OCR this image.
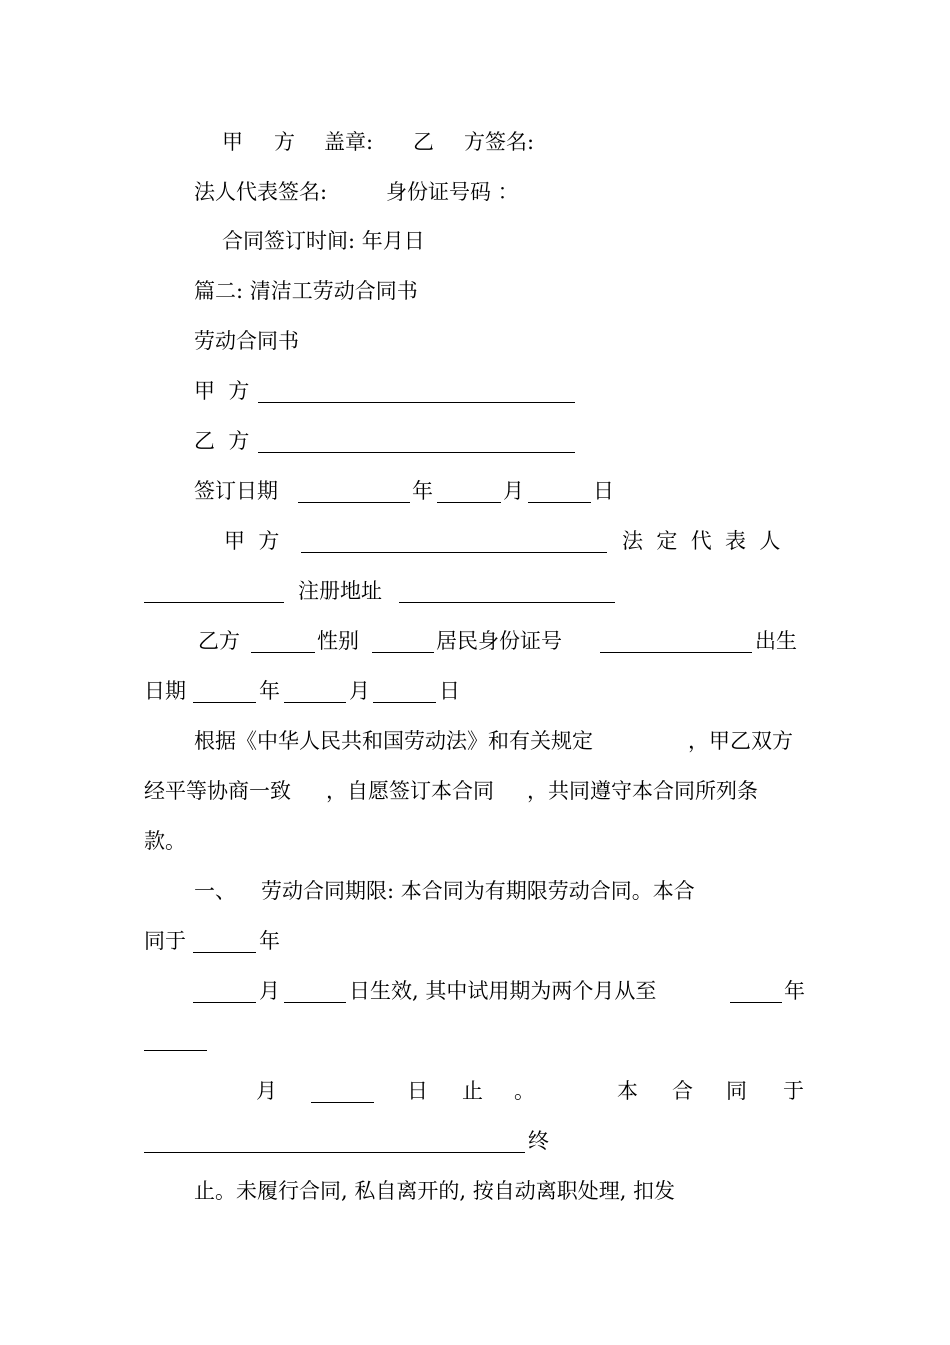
甲 方 盖章: 乙 方签名:
法人代表签名:	身份证号码 ：
合同签订时间: 年月日
篇二: 清洁工劳动合同书
劳动合同书
甲  方
乙  方
签订日期	年	月	日
甲  方	法  定  代  表  人
注册地址
乙方	性别	居民身份证号	出生
日期	年	月	日
根据《中华人民共和国劳动法》和有关规定	，甲乙双方
经平等协商一致 ，自愿签订本合同 ，共同遵守本合同所列条
款。
一、 劳动合同期限: 本合同为有期限劳动合同。本合
同于	年
月	日生效, 其中试用期为两个月从至	年
月	日 止 。	本 合 同 于
终
止。未履行合同, 私自离开的, 按自动离职处理, 扣发
